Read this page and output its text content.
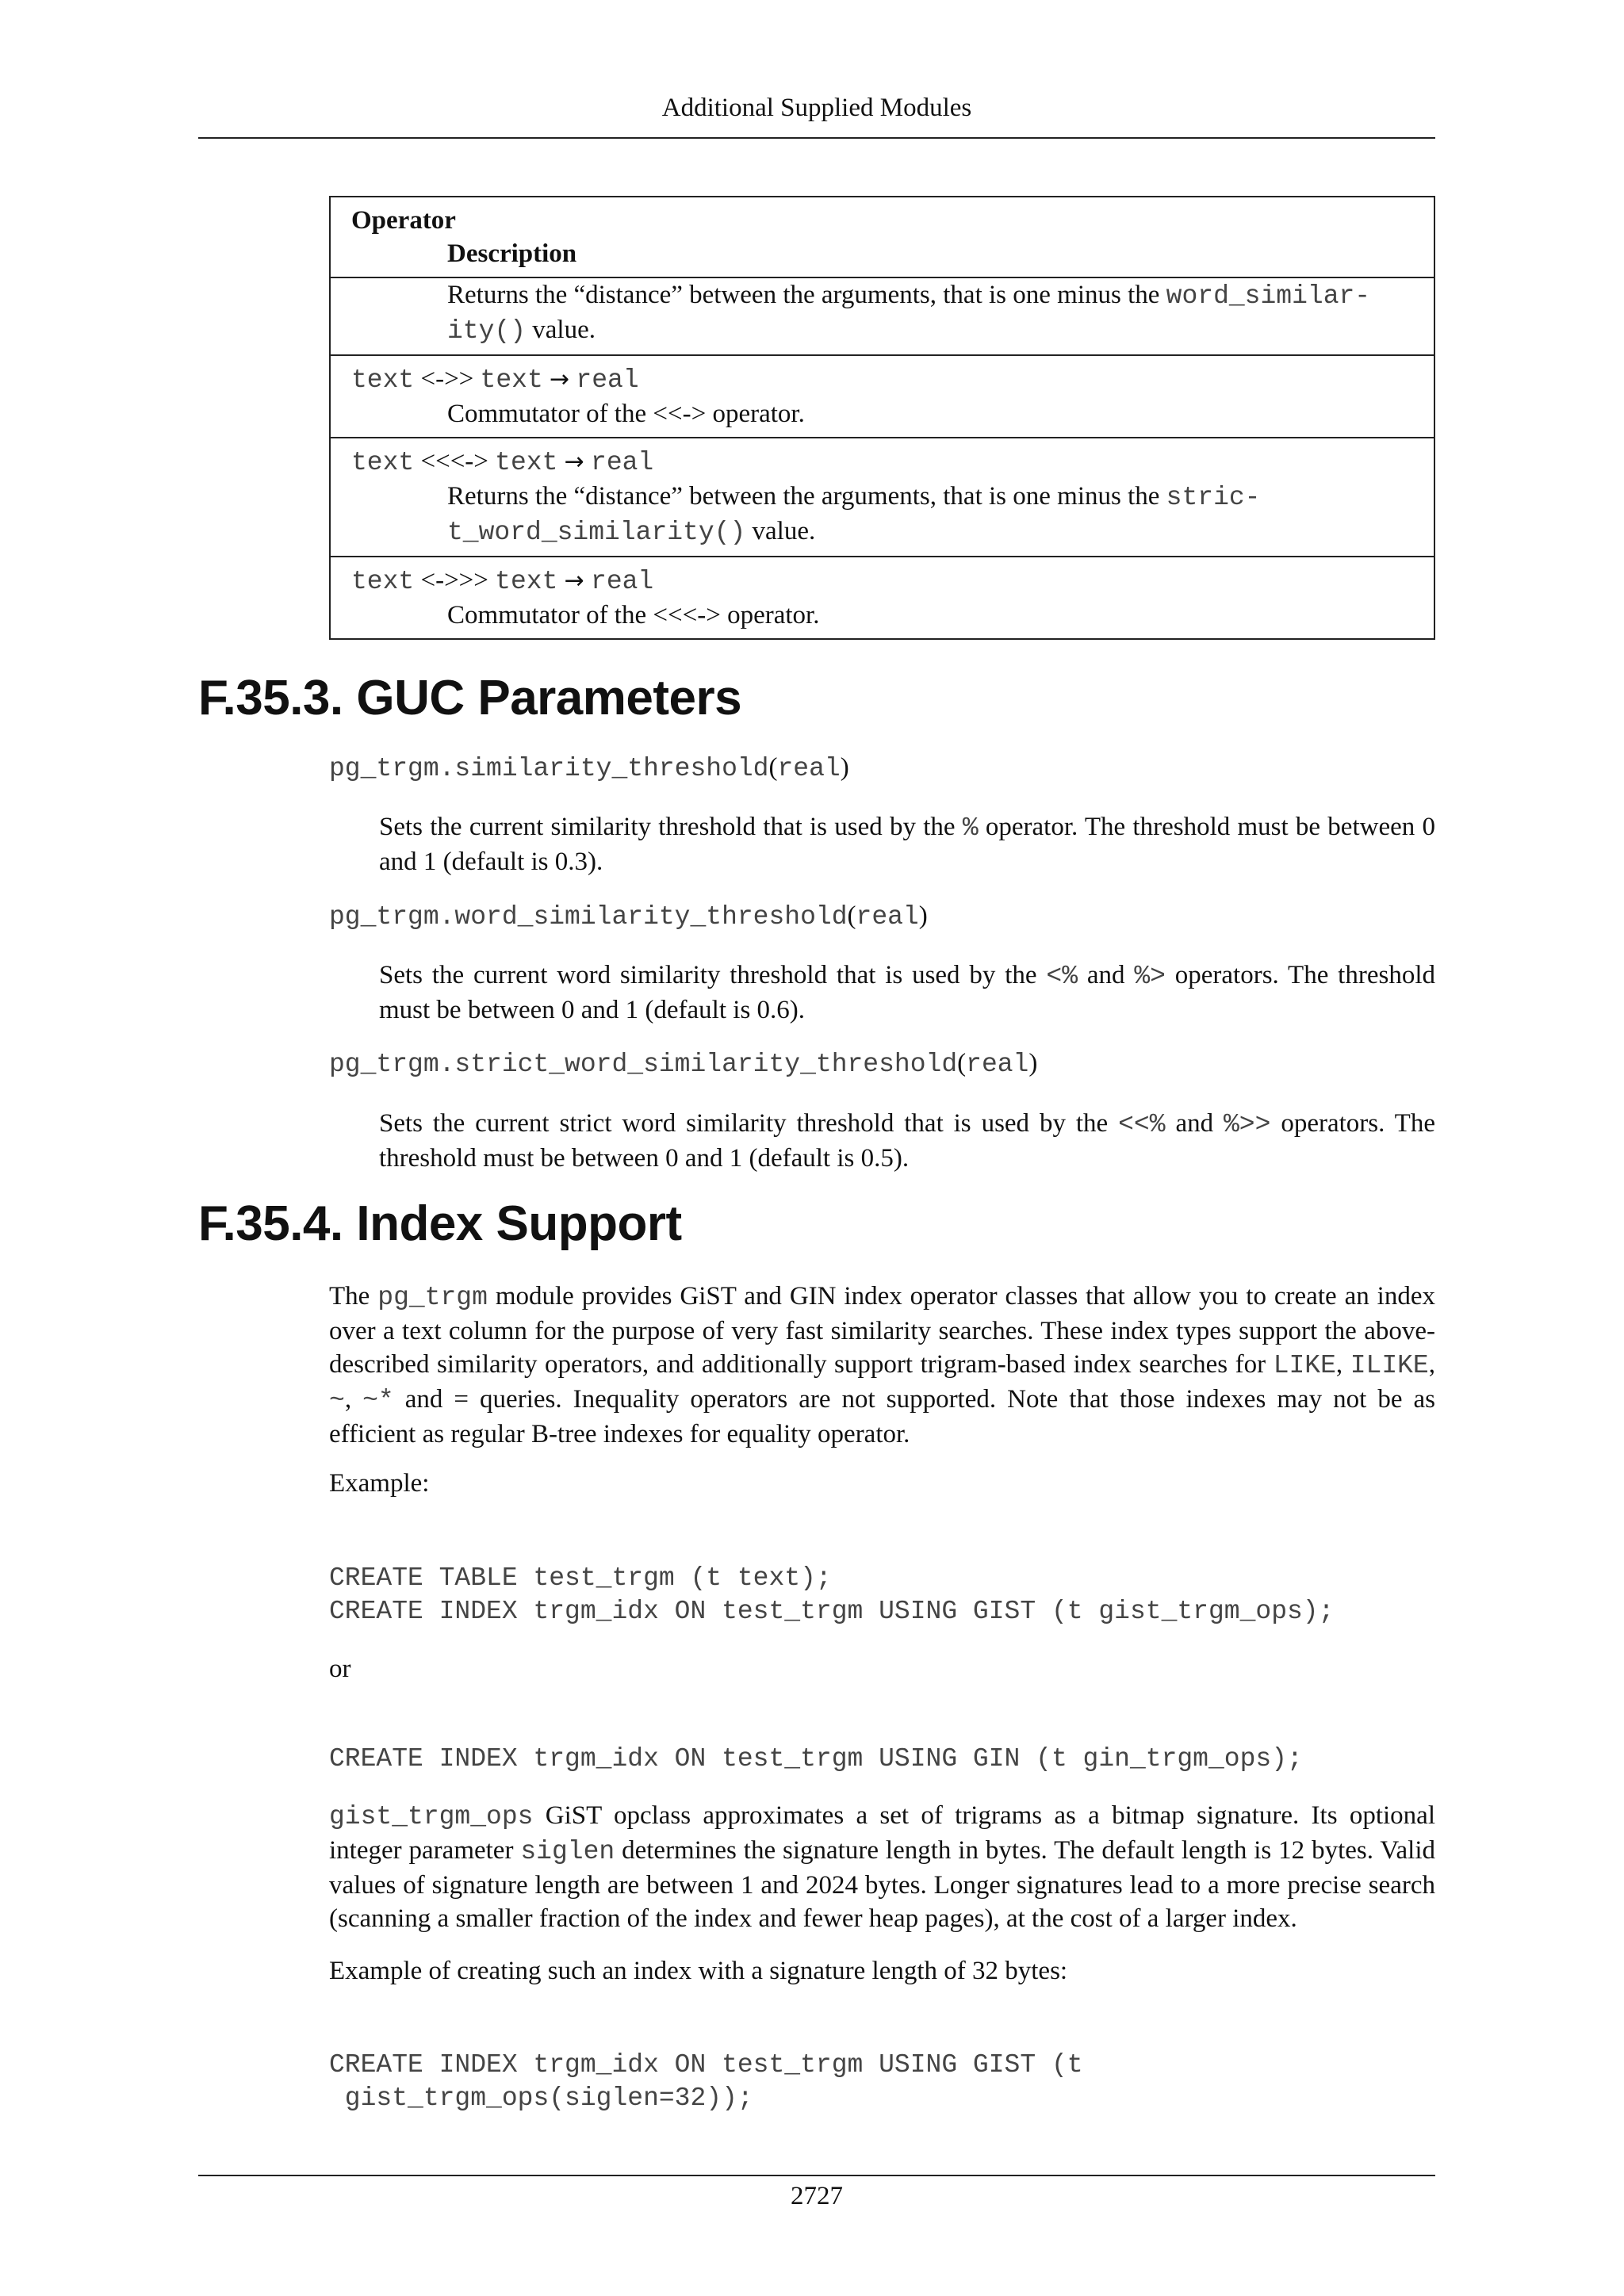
Additional Supplied Modules
Operator
Description
Returns the “distance” between the arguments, that is one minus the word_similar-
ity() value.
text <->> text → real
Commutator of the <<-> operator.
text <<<-> text → real
Returns the “distance” between the arguments, that is one minus the stric-
t_word_similarity() value.
text <->>> text → real
Commutator of the <<<-> operator.
F.35.3. GUC Parameters
pg_trgm.similarity_threshold(real)
Sets the current similarity threshold that is used by the % operator. The threshold must be between 0 and 1 (default is 0.3).
pg_trgm.word_similarity_threshold(real)
Sets the current word similarity threshold that is used by the <% and %> operators. The threshold must be between 0 and 1 (default is 0.6).
pg_trgm.strict_word_similarity_threshold(real)
Sets the current strict word similarity threshold that is used by the <<% and %>> operators. The threshold must be between 0 and 1 (default is 0.5).
F.35.4. Index Support
The pg_trgm module provides GiST and GIN index operator classes that allow you to create an index over a text column for the purpose of very fast similarity searches. These index types support the above-described similarity operators, and additionally support trigram-based index searches for LIKE, ILIKE, ~, ~* and = queries. Inequality operators are not supported. Note that those indexes may not be as efficient as regular B-tree indexes for equality operator.
Example:
CREATE TABLE test_trgm (t text);
CREATE INDEX trgm_idx ON test_trgm USING GIST (t gist_trgm_ops);
or
CREATE INDEX trgm_idx ON test_trgm USING GIN (t gin_trgm_ops);
gist_trgm_ops GiST opclass approximates a set of trigrams as a bitmap signature. Its optional integer parameter siglen determines the signature length in bytes. The default length is 12 bytes. Valid values of signature length are between 1 and 2024 bytes. Longer signatures lead to a more precise search (scanning a smaller fraction of the index and fewer heap pages), at the cost of a larger index.
Example of creating such an index with a signature length of 32 bytes:
CREATE INDEX trgm_idx ON test_trgm USING GIST (t
gist_trgm_ops(siglen=32));
2727
